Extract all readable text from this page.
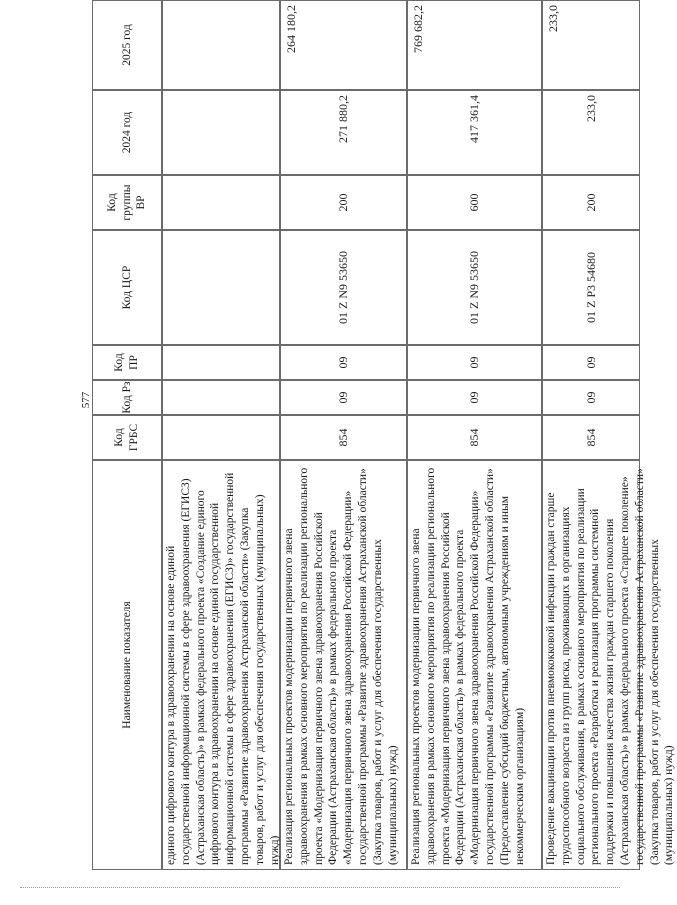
577
Наименование показателя
Код ГРБС
Код Рз
Код ПР
Код ЦСР
Код группы ВР
2024 год
2025 год
единого цифрового контура в здравоохранении на основе единой государственной информационной системы в сфере здравоохранения (ЕГИСЗ) (Астраханская область)» в рамках федерального проекта «Создание единого цифрового контура в здравоохранении на основе единой государственной информационной системы в сфере здравоохранения (ЕГИСЗ)» государственной программы «Развитие здравоохранения Астраханской области» (Закупка товаров, работ и услуг для обеспечения государственных (муниципальных) нужд) Реализация региональных проектов модернизации первичного звена здравоохранения в рамках основного мероприятия по реализации регионального проекта «Модернизация первичного звена здравоохранения Российской Федерации (Астраханская область)» в рамках федерального проекта «Модернизация первичного звена здравоохранения Российской Федерации» государственной программы «Развитие здравоохранения Астраханской области» (Закупка товаров, работ и услуг для обеспечения государственных (муниципальных) нужд)
854
09
09
01 Z N9 53650
200
271 880,2
264 180,2
Реализация региональных проектов модернизации первичного звена здравоохранения в рамках основного мероприятия по реализации регионального проекта «Модернизация первичного звена здравоохранения Российской Федерации (Астраханская область)» в рамках федерального проекта «Модернизация первичного звена здравоохранения Российской Федерации» государственной программы «Развитие здравоохранения Астраханской области» (Предоставление субсидий бюджетным, автономным учреждениям и иным некоммерческим организациям)
854
09
09
01 Z N9 53650
600
417 361,4
769 682,2
Проведение вакцинации против пневмококковой инфекции граждан старше трудоспособного возраста из групп риска, проживающих в организациях социального обслуживания, в рамках основного мероприятия по реализации регионального проекта «Разработка и реализация программы системной поддержки и повышения качества жизни граждан старшего поколения (Астраханская область)» в рамках федерального проекта «Старшее поколение» государственной программы «Развитие здравоохранения Астраханской области» (Закупка товаров, работ и услуг для обеспечения государственных (муниципальных) нужд)
854
09
09
01 Z P3 54680
200
233,0
233,0
